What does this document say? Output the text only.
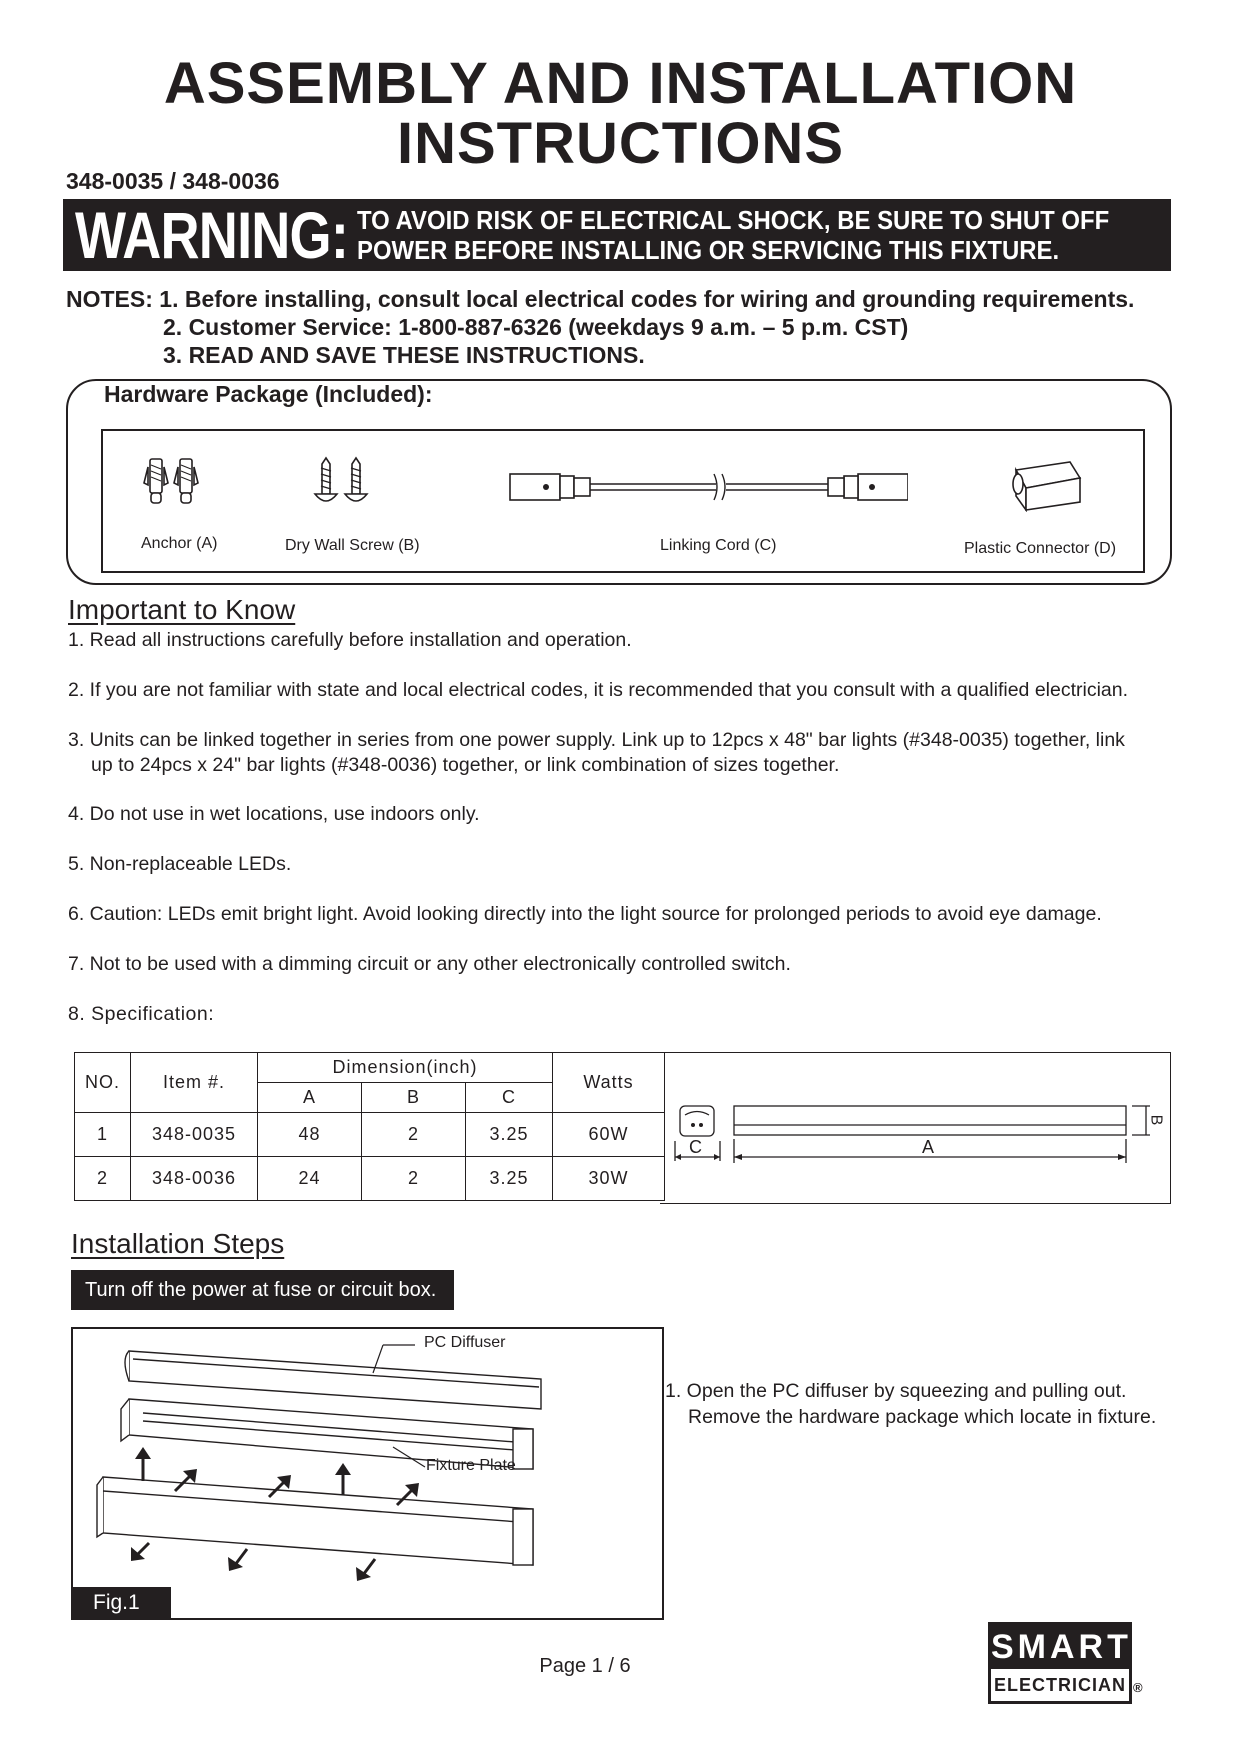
ASSEMBLY AND INSTALLATION
INSTRUCTIONS
348-0035 / 348-0036
WARNING: TO AVOID RISK OF ELECTRICAL SHOCK, BE SURE TO SHUT OFF
POWER BEFORE INSTALLING OR SERVICING THIS FIXTURE.
NOTES: 1. Before installing, consult local electrical codes for wiring and grounding requirements.
2. Customer Service: 1-800-887-6326 (weekdays 9 a.m. – 5 p.m. CST)
3. READ AND SAVE THESE INSTRUCTIONS.
Hardware Package (Included):
Anchor (A)	Dry Wall Screw (B)	Linking Cord (C)	Plastic Connector (D)
Important to Know
1. Read all instructions carefully before installation and operation.
2. If you are not familiar with state and local electrical codes, it is recommended that you consult with a qualified electrician.
3. Units can be linked together in series from one power supply. Link up to 12pcs x 48" bar lights (#348-0035) together, link
up to 24pcs x 24" bar lights (#348-0036) together, or link combination of sizes together.
4. Do not use in wet locations, use indoors only.
5. Non-replaceable LEDs.
6. Caution: LEDs emit bright light. Avoid looking directly into the light source for prolonged periods to avoid eye damage.
7. Not to be used with a dimming circuit or any other electronically controlled switch.
8. Specification:
NO.	Item #.	Dimension(inch)			Watts
		A	B	C	
1	348-0035	48	2	3.25	60W
2	348-0036	24	2	3.25	30W
C	A
B
Installation Steps
Turn off the power at fuse or circuit box.
PC Diffuser
Fixture Plate
Fig.1
1. Open the PC diffuser by squeezing and pulling out.
Remove the hardware package which locate in fixture.
Page 1 / 6	SMART
ELECTRICIAN ®
